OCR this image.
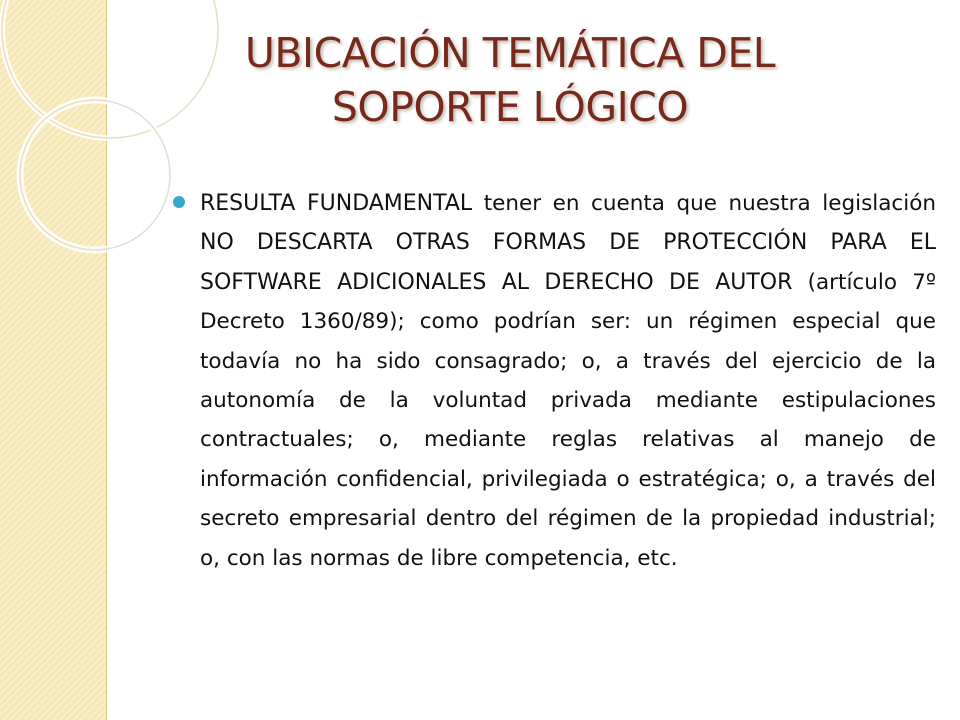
UBICACIÓN TEMÁTICA DEL
SOPORTE LÓGICO

RESULTA FUNDAMENTAL tener en cuenta que nuestra legislación NO DESCARTA OTRAS FORMAS DE PROTECCIÓN PARA EL SOFTWARE ADICIONALES AL DERECHO DE AUTOR (artículo 7º Decreto 1360/89); como podrían ser: un régimen especial que todavía no ha sido consagrado; o, a través del ejercicio de la autonomía de la voluntad privada mediante estipulaciones contractuales; o, mediante reglas relativas al manejo de información confidencial, privilegiada o estratégica; o, a través del secreto empresarial dentro del régimen de la propiedad industrial; o, con las normas de libre competencia, etc.
